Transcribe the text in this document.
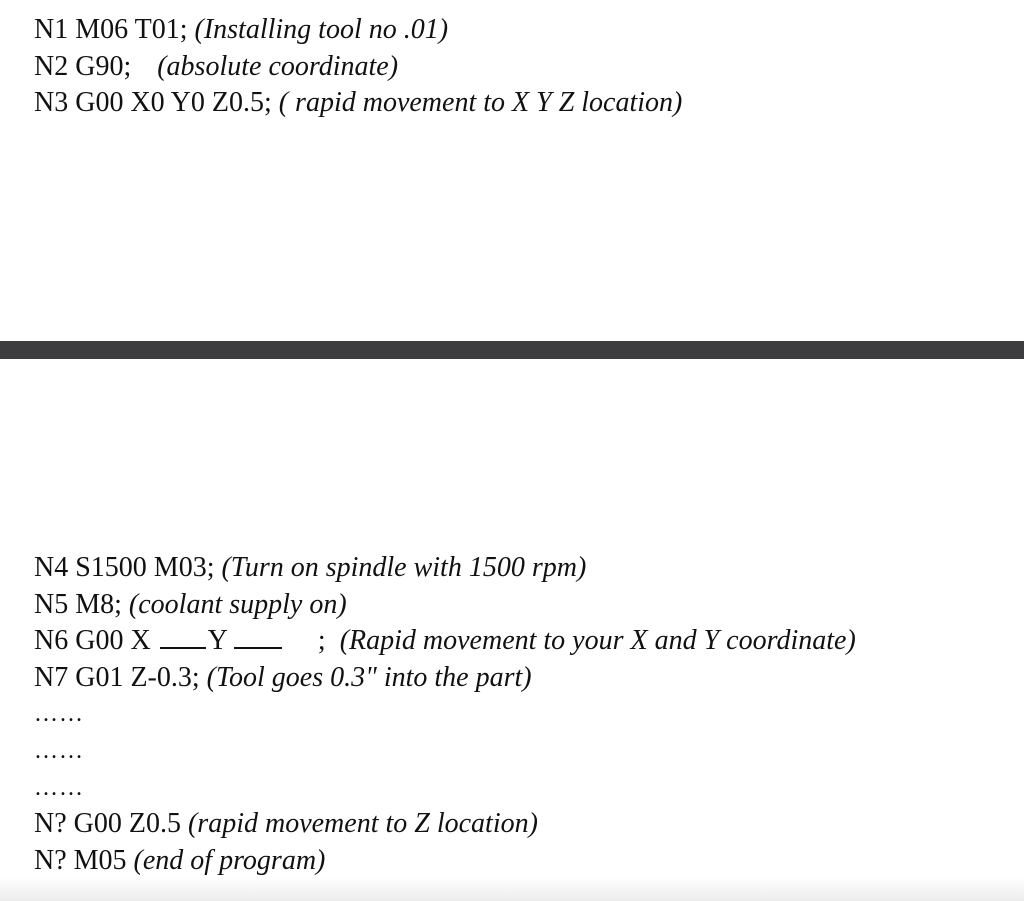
N1 M06 T01; (Installing tool no .01)
N2 G90; (absolute coordinate)
N3 G00 X0 Y0 Z0.5; ( rapid movement to X Y Z location)
N4 S1500 M03; (Turn on spindle with 1500 rpm)
N5 M8; (coolant supply on)
N6 G00 X Y	; (Rapid movement to your X and Y coordinate)
N7 G01 Z-0.3; (Tool goes 0.3" into the part)
……
……
……
N? G00 Z0.5 (rapid movement to Z location)
N? M05 (end of program)
